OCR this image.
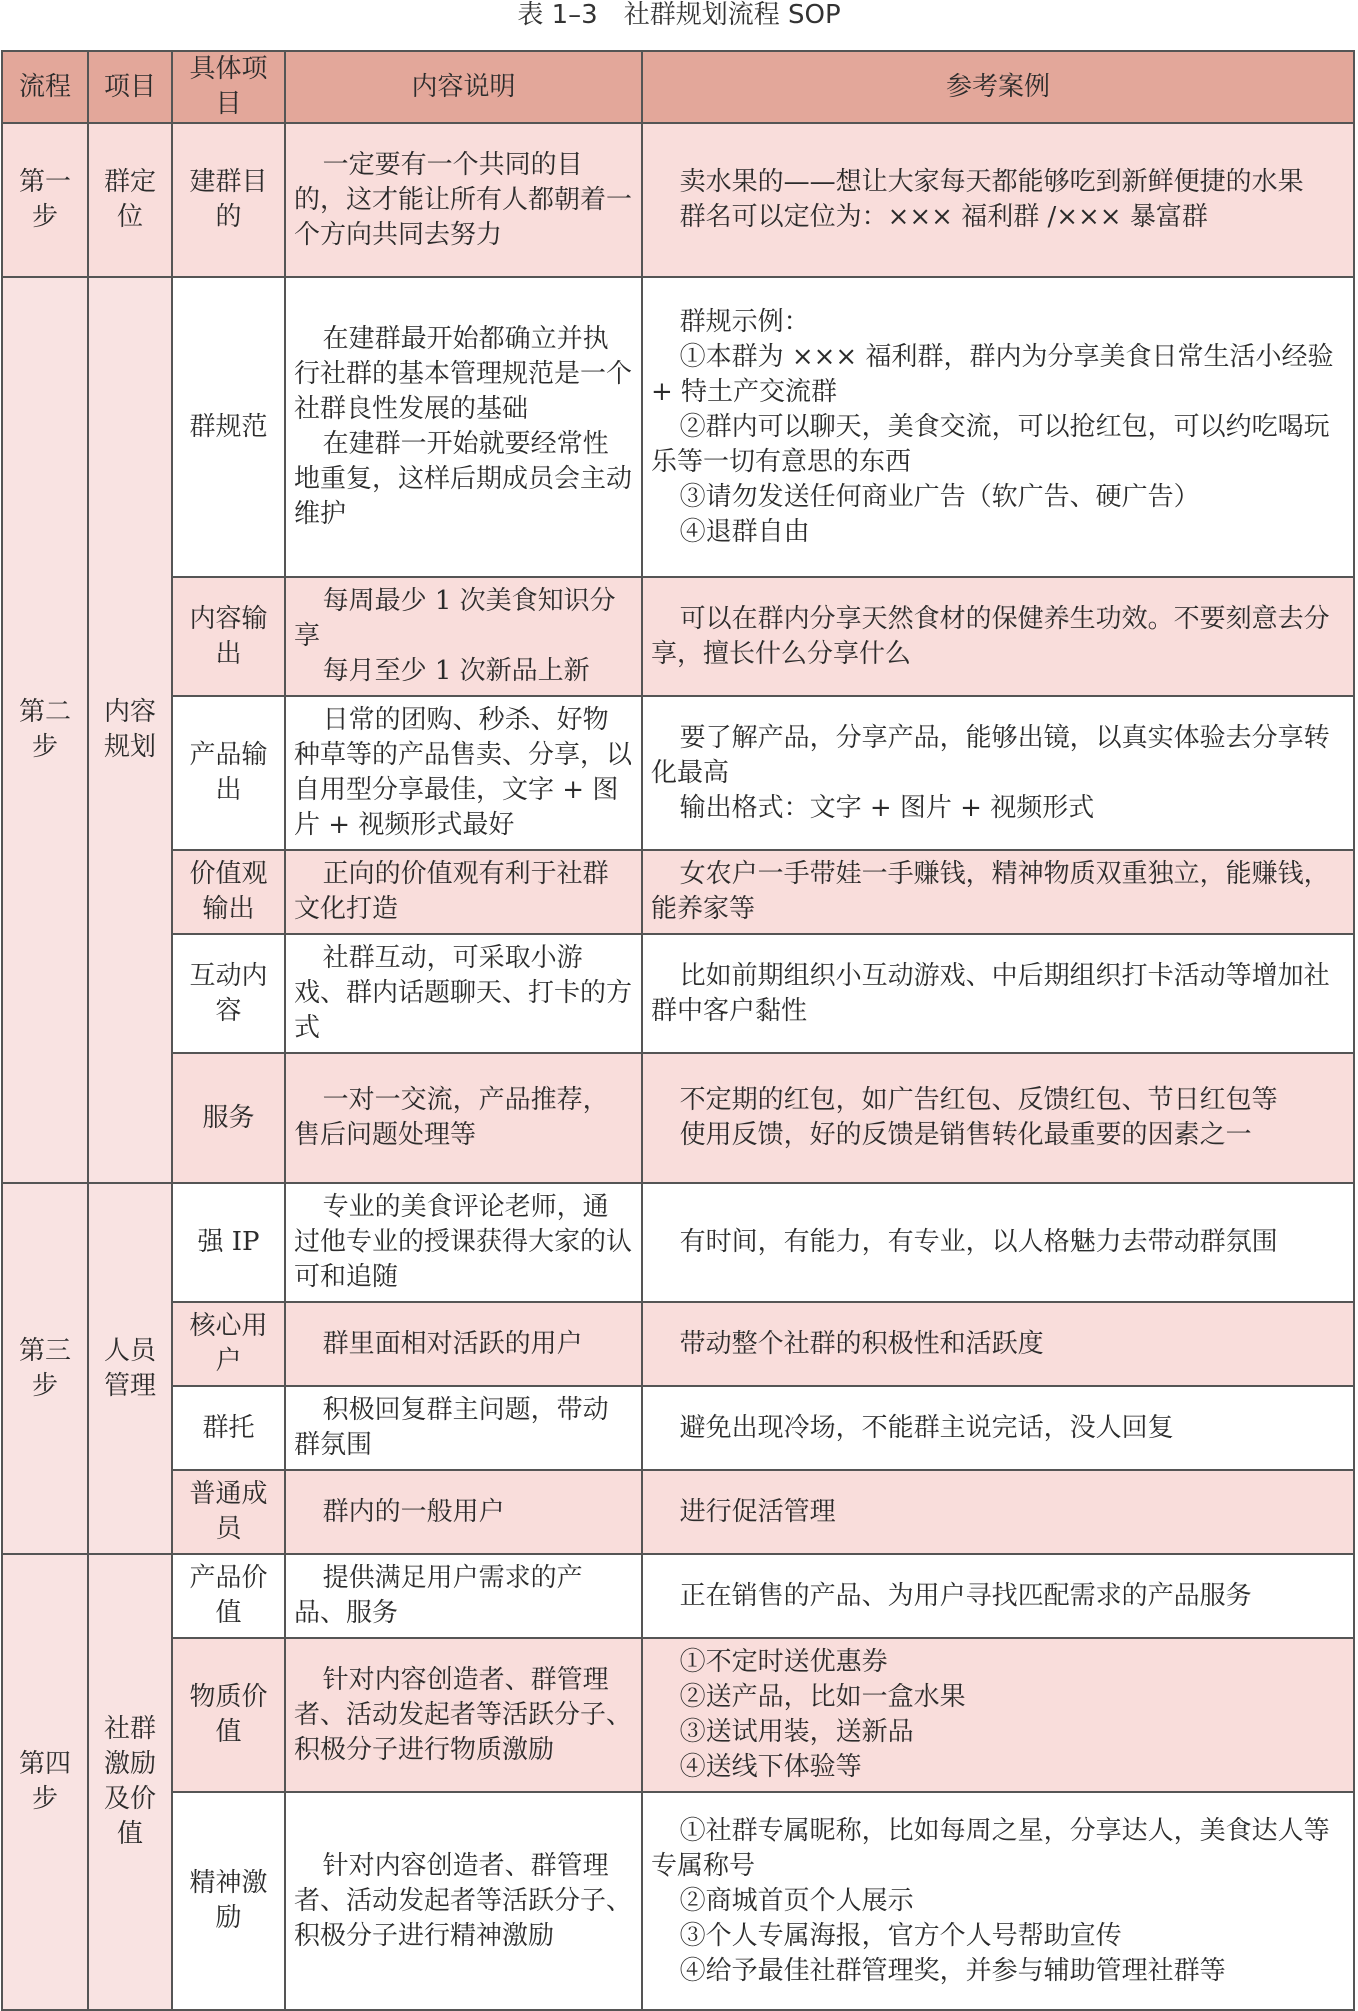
表 1–3　社群规划流程 SOP
流程	项目	具体项目	内容说明	参考案例
第一步	群定位	建群目的	一定要有一个共同的目的，这才能让所有人都朝着一个方向共同去努力	卖水果的——想让大家每天都能够吃到新鲜便捷的水果
群名可以定位为：××× 福利群 /××× 暴富群

第二步	内容规划	群规范	在建群最开始都确立并执行社群的基本管理规范是一个社群良性发展的基础
在建群一开始就要经常性地重复，这样后期成员会主动维护	群规示例：
①本群为 ××× 福利群，群内为分享美食日常生活小经验 + 特土产交流群
②群内可以聊天，美食交流，可以抢红包，可以约吃喝玩乐等一切有意思的东西
③请勿发送任何商业广告（软广告、硬广告）
④退群自由

		内容输出	每周最少 1 次美食知识分享
每月至少 1 次新品上新	可以在群内分享天然食材的保健养生功效。不要刻意去分享，擅长什么分享什么

		产品输出	日常的团购、秒杀、好物种草等的产品售卖、分享，以自用型分享最佳，文字 + 图片 + 视频形式最好	要了解产品，分享产品，能够出镜，以真实体验去分享转化最高
输出格式：文字 + 图片 + 视频形式

		价值观输出	正向的价值观有利于社群文化打造	女农户一手带娃一手赚钱，精神物质双重独立，能赚钱，能养家等

		互动内容	社群互动，可采取小游戏、群内话题聊天、打卡的方式	比如前期组织小互动游戏、中后期组织打卡活动等增加社群中客户黏性

		服务	一对一交流，产品推荐，售后问题处理等	不定期的红包，如广告红包、反馈红包、节日红包等
使用反馈，好的反馈是销售转化最重要的因素之一

第三步	人员管理	强 IP	专业的美食评论老师，通过他专业的授课获得大家的认可和追随	有时间，有能力，有专业，以人格魅力去带动群氛围

		核心用户	群里面相对活跃的用户	带动整个社群的积极性和活跃度

		群托	积极回复群主问题，带动群氛围	避免出现冷场，不能群主说完话，没人回复

		普通成员	群内的一般用户	进行促活管理

第四步	社群激励及价值	产品价值	提供满足用户需求的产品、服务	正在销售的产品、为用户寻找匹配需求的产品服务

		物质价值	针对内容创造者、群管理者、活动发起者等活跃分子、积极分子进行物质激励	①不定时送优惠券
②送产品，比如一盒水果
③送试用装，送新品
④送线下体验等

		精神激励	针对内容创造者、群管理者、活动发起者等活跃分子、积极分子进行精神激励	①社群专属昵称，比如每周之星，分享达人，美食达人等专属称号
②商城首页个人展示
③个人专属海报，官方个人号帮助宣传
④给予最佳社群管理奖，并参与辅助管理社群等
